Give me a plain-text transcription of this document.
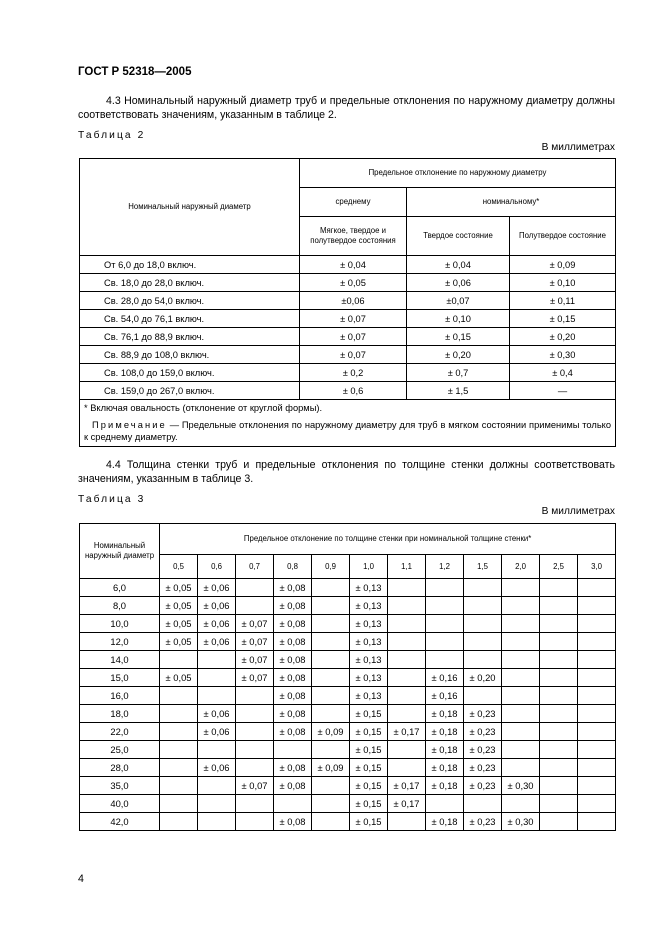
ГОСТ Р 52318—2005
4.3 Номинальный наружный диаметр труб и предельные отклонения по наружному диаметру должны соответствовать значениям, указанным в таблице 2.
Таблица 2
В миллиметрах
Номинальный наружный диаметр	Предельное отклонение по наружному диаметру		
	среднему	номинальному*	
	Мягкое, твердое и полутвердое состояния	Твердое состояние	Полутвердое состояние
От 6,0 до 18,0 включ.	± 0,04	± 0,04	± 0,09
Св. 18,0 до 28,0 включ.	± 0,05	± 0,06	± 0,10
Св. 28,0 до 54,0 включ.	±0,06	±0,07	± 0,11
Св. 54,0 до 76,1 включ.	± 0,07	± 0,10	± 0,15
Св. 76,1 до 88,9 включ.	± 0,07	± 0,15	± 0,20
Св. 88,9 до 108,0 включ.	± 0,07	± 0,20	± 0,30
Св. 108,0 до 159,0 включ.	± 0,2	± 0,7	± 0,4
Св. 159,0 до 267,0 включ.	± 0,6	± 1,5	—
* Включая овальность (отклонение от круглой формы).			
Примечание — Предельные отклонения по наружному диаметру для труб в мягком состоянии применимы только к среднему диаметру.			
4.4 Толщина стенки труб и предельные отклонения по толщине стенки должны соответствовать значениям, указанным в таблице 3.
Таблица 3
В миллиметрах
Номинальный наружный диаметр	Предельное отклонение по толщине стенки при номинальной толщине стенки*											
	0,5	0,6	0,7	0,8	0,9	1,0	1,1	1,2	1,5	2,0	2,5	3,0
6,0	± 0,05	± 0,06		± 0,08		± 0,13						
8,0	± 0,05	± 0,06		± 0,08		± 0,13						
10,0	± 0,05	± 0,06	± 0,07	± 0,08		± 0,13						
12,0	± 0,05	± 0,06	± 0,07	± 0,08		± 0,13						
14,0			± 0,07	± 0,08		± 0,13						
15,0	± 0,05		± 0,07	± 0,08		± 0,13		± 0,16	± 0,20			
16,0				± 0,08		± 0,13		± 0,16				
18,0		± 0,06		± 0,08		± 0,15		± 0,18	± 0,23			
22,0		± 0,06		± 0,08	± 0,09	± 0,15	± 0,17	± 0,18	± 0,23			
25,0						± 0,15		± 0,18	± 0,23			
28,0		± 0,06		± 0,08	± 0,09	± 0,15		± 0,18	± 0,23			
35,0			± 0,07	± 0,08		± 0,15	± 0,17	± 0,18	± 0,23	± 0,30		
40,0						± 0,15	± 0,17					
42,0				± 0,08		± 0,15		± 0,18	± 0,23	± 0,30		
4
